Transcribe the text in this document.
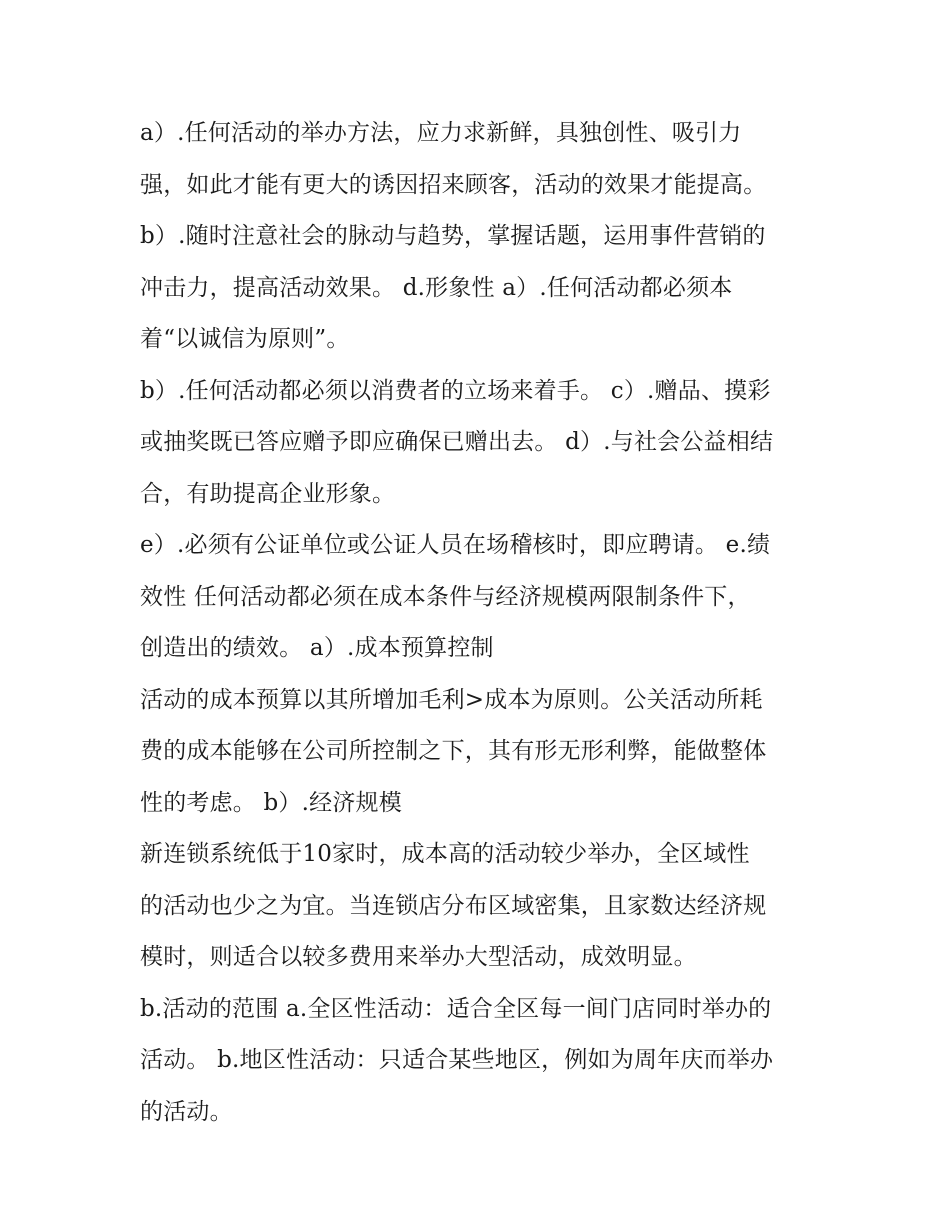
a）.任何活动的举办方法，应力求新鲜，具独创性、吸引力
强，如此才能有更大的诱因招来顾客，活动的效果才能提高。
b）.随时注意社会的脉动与趋势，掌握话题，运用事件营销的
冲击力，提高活动效果。 d.形象性 a）.任何活动都必须本
着“以诚信为原则”。
b）.任何活动都必须以消费者的立场来着手。 c）.赠品、摸彩
或抽奖既已答应赠予即应确保已赠出去。 d）.与社会公益相结
合，有助提高企业形象。
e）.必须有公证单位或公证人员在场稽核时，即应聘请。 e.绩
效性 任何活动都必须在成本条件与经济规模两限制条件下，
创造出的绩效。 a）.成本预算控制
活动的成本预算以其所增加毛利>成本为原则。公关活动所耗
费的成本能够在公司所控制之下，其有形无形利弊，能做整体
性的考虑。 b）.经济规模
新连锁系统低于10家时，成本高的活动较少举办，全区域性
的活动也少之为宜。当连锁店分布区域密集，且家数达经济规
模时，则适合以较多费用来举办大型活动，成效明显。
b.活动的范围 a.全区性活动：适合全区每一间门店同时举办的
活动。 b.地区性活动：只适合某些地区，例如为周年庆而举办
的活动。
